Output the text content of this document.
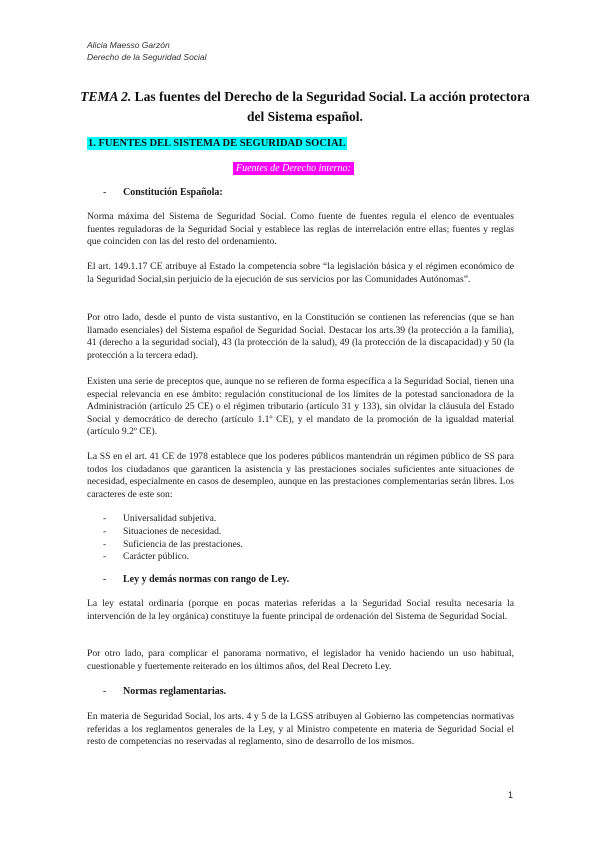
Alicia Maesso Garzón
Derecho de la Seguridad Social
TEMA 2. Las fuentes del Derecho de la Seguridad Social. La acción protectora del Sistema español.
1. FUENTES DEL SISTEMA DE SEGURIDAD SOCIAL
Fuentes de Derecho interno:
- Constitución Española:

Norma máxima del Sistema de Seguridad Social. Como fuente de fuentes regula el elenco de eventuales fuentes reguladoras de la Seguridad Social y establece las reglas de interrelación entre ellas; fuentes y reglas que coinciden con las del resto del ordenamiento.

El art. 149.1.17 CE atribuye al Estado la competencia sobre “la legislación básica y el régimen económico de la Seguridad Social,sin perjuicio de la ejecución de sus servicios por las Comunidades Autónomas”.

Por otro lado, desde el punto de vista sustantivo, en la Constitución se contienen las referencias (que se han llamado esenciales) del Sistema español de Seguridad Social. Destacar los arts.39 (la protección a la familia), 41 (derecho a la seguridad social), 43 (la protección de la salud), 49 (la protección de la discapacidad) y 50 (la protección a la tercera edad).

Existen una serie de preceptos que, aunque no se refieren de forma específica a la Seguridad Social, tienen una especial relevancia en ese ámbito: regulación constitucional de los límites de la potestad sancionadora de la Administración (artículo 25 CE) o el régimen tributario (artículo 31 y 133), sin olvidar la cláusula del Estado Social y democrático de derecho (artículo 1.1º CE), y el mandato de la promoción de la igualdad material (artículo 9.2º CE).

La SS en el art. 41 CE de 1978 establece que los poderes públicos mantendrán un régimen público de SS para todos los ciudadanos que garanticen la asistencia y las prestaciones sociales suficientes ante situaciones de necesidad, especialmente en casos de desempleo, aunque en las prestaciones complementarias serán libres. Los caracteres de este son:

- Universalidad subjetiva.
- Situaciones de necesidad.
- Suficiencia de las prestaciones.
- Carácter público.
- Ley y demás normas con rango de Ley.

La ley estatal ordinaria (porque en pocas materias referidas a la Seguridad Social resulta necesaria la intervención de la ley orgánica) constituye la fuente principal de ordenación del Sistema de Seguridad Social.

Por otro lado, para complicar el panorama normativo, el legislador ha venido haciendo un uso habitual, cuestionable y fuertemente reiterado en los últimos años, del Real Decreto Ley.

- Normas reglamentarias.

En materia de Seguridad Social, los arts. 4 y 5 de la LGSS atribuyen al Gobierno las competencias normativas referidas a los reglamentos generales de la Ley, y al Ministro competente en materia de Seguridad Social el resto de competencias no reservadas al reglamento, sino de desarrollo de los mismos.

1
